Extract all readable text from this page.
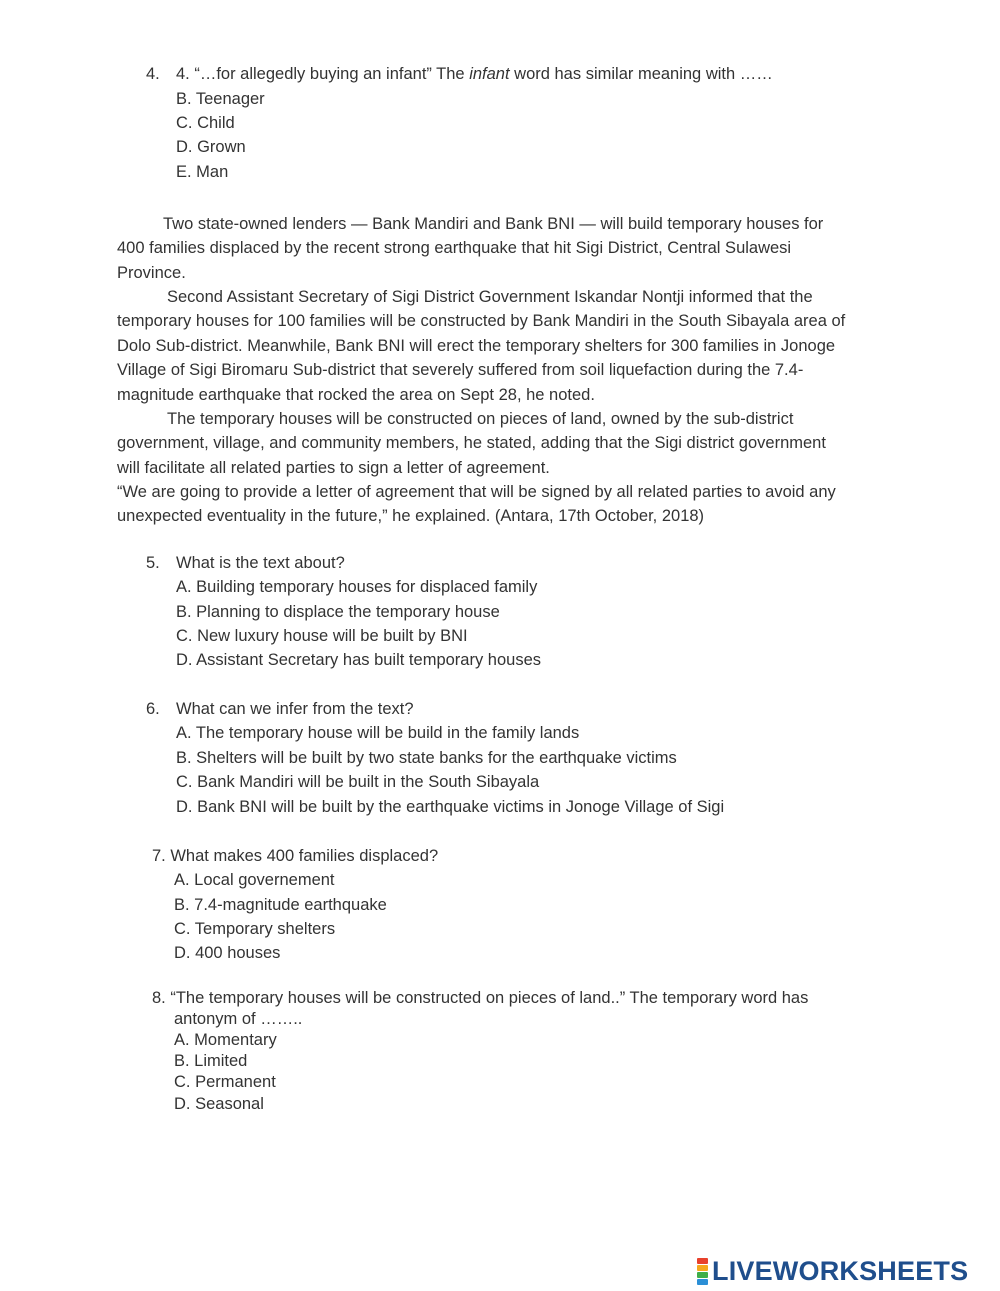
4. 4. “…for allegedly buying an infant” The infant word has similar meaning with ……
B. Teenager
C. Child
D. Grown
E. Man
Two state-owned lenders — Bank Mandiri and Bank BNI — will build temporary houses for
400 families displaced by the recent strong earthquake that hit Sigi District, Central Sulawesi
Province.
Second Assistant Secretary of Sigi District Government Iskandar Nontji informed that the
temporary houses for 100 families will be constructed by Bank Mandiri in the South Sibayala area of
Dolo Sub-district. Meanwhile, Bank BNI will erect the temporary shelters for 300 families in Jonoge
Village of Sigi Biromaru Sub-district that severely suffered from soil liquefaction during the 7.4-
magnitude earthquake that rocked the area on Sept 28, he noted.
The temporary houses will be constructed on pieces of land, owned by the sub-district
government, village, and community members, he stated, adding that the Sigi district government
will facilitate all related parties to sign a letter of agreement.
“We are going to provide a letter of agreement that will be signed by all related parties to avoid any
unexpected eventuality in the future,” he explained. (Antara, 17th October, 2018)
5. What is the text about?
A. Building temporary houses for displaced family
B. Planning to displace the temporary house
C. New luxury house will be built by BNI
D. Assistant Secretary has built temporary houses
6. What can we infer from the text?
A. The temporary house will be build in the family lands
B. Shelters will be built by two state banks for the earthquake victims
C. Bank Mandiri will be built in the South Sibayala
D. Bank BNI will be built by the earthquake victims in Jonoge Village of Sigi
7. What makes 400 families displaced?
A. Local governement
B. 7.4-magnitude earthquake
C. Temporary shelters
D. 400 houses
8. “The temporary houses will be constructed on pieces of land..” The temporary word has
antonym of ……..
A. Momentary
B. Limited
C. Permanent
D. Seasonal
LIVEWORKSHEETS
